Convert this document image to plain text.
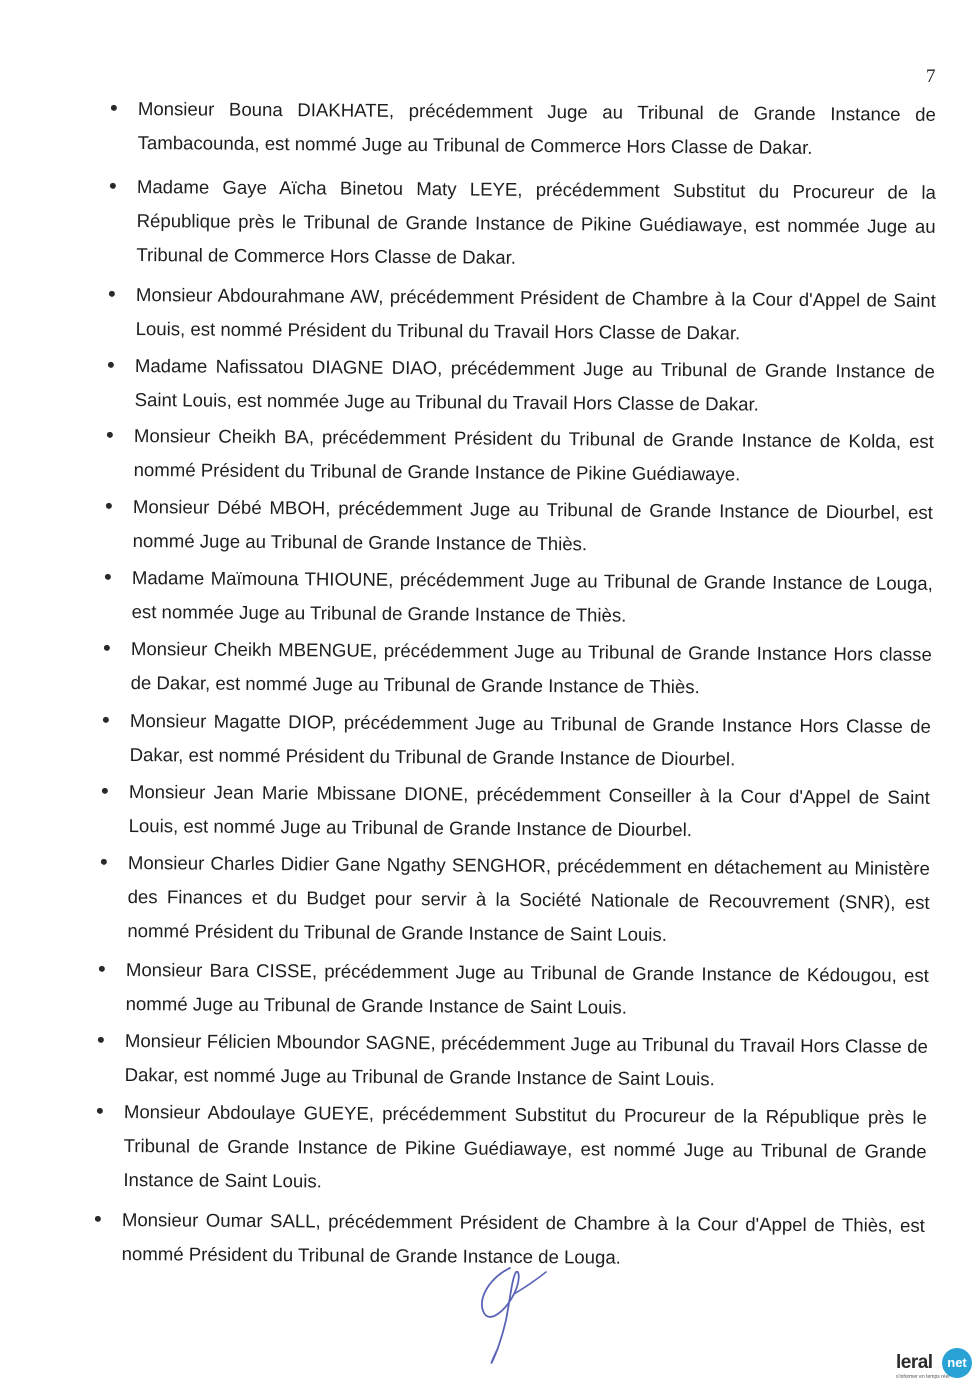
7
Monsieur Bouna DIAKHATE, précédemment Juge au Tribunal de Grande Instance de Tambacounda, est nommé Juge au Tribunal de Commerce Hors Classe de Dakar.
Madame Gaye Aïcha Binetou Maty LEYE, précédemment Substitut du Procureur de la République près le Tribunal de Grande Instance de Pikine Guédiawaye, est nommée Juge au Tribunal de Commerce Hors Classe de Dakar.
Monsieur Abdourahmane AW, précédemment Président de Chambre à la Cour d'Appel de Saint Louis, est nommé Président du Tribunal du Travail Hors Classe de Dakar.
Madame Nafissatou DIAGNE DIAO, précédemment Juge au Tribunal de Grande Instance de Saint Louis, est nommée Juge au Tribunal du Travail Hors Classe de Dakar.
Monsieur Cheikh BA, précédemment Président du Tribunal de Grande Instance de Kolda, est nommé Président du Tribunal de Grande Instance de Pikine Guédiawaye.
Monsieur Débé MBOH, précédemment Juge au Tribunal de Grande Instance de Diourbel, est nommé Juge au Tribunal de Grande Instance de Thiès.
Madame Maïmouna THIOUNE, précédemment Juge au Tribunal de Grande Instance de Louga, est nommée Juge au Tribunal de Grande Instance de Thiès.
Monsieur Cheikh MBENGUE, précédemment Juge au Tribunal de Grande Instance Hors classe de Dakar, est nommé Juge au Tribunal de Grande Instance de Thiès.
Monsieur Magatte DIOP, précédemment Juge au Tribunal de Grande Instance Hors Classe de Dakar, est nommé Président du Tribunal de Grande Instance de Diourbel.
Monsieur Jean Marie Mbissane DIONE, précédemment Conseiller à la Cour d'Appel de Saint Louis, est nommé Juge au Tribunal de Grande Instance de Diourbel.
Monsieur Charles Didier Gane Ngathy SENGHOR, précédemment en détachement au Ministère des Finances et du Budget pour servir à la Société Nationale de Recouvrement (SNR), est nommé Président du Tribunal de Grande Instance de Saint Louis.
Monsieur Bara CISSE, précédemment Juge au Tribunal de Grande Instance de Kédougou, est nommé Juge au Tribunal de Grande Instance de Saint Louis.
Monsieur Félicien Mboundor SAGNE, précédemment Juge au Tribunal du Travail Hors Classe de Dakar, est nommé Juge au Tribunal de Grande Instance de Saint Louis.
Monsieur Abdoulaye GUEYE, précédemment Substitut du Procureur de la République près le Tribunal de Grande Instance de Pikine Guédiawaye, est nommé Juge au Tribunal de Grande Instance de Saint Louis.
Monsieur Oumar SALL, précédemment Président de Chambre à la Cour d'Appel de Thiès, est nommé Président du Tribunal de Grande Instance de Louga.
leral	net
s'informer en temps réel
